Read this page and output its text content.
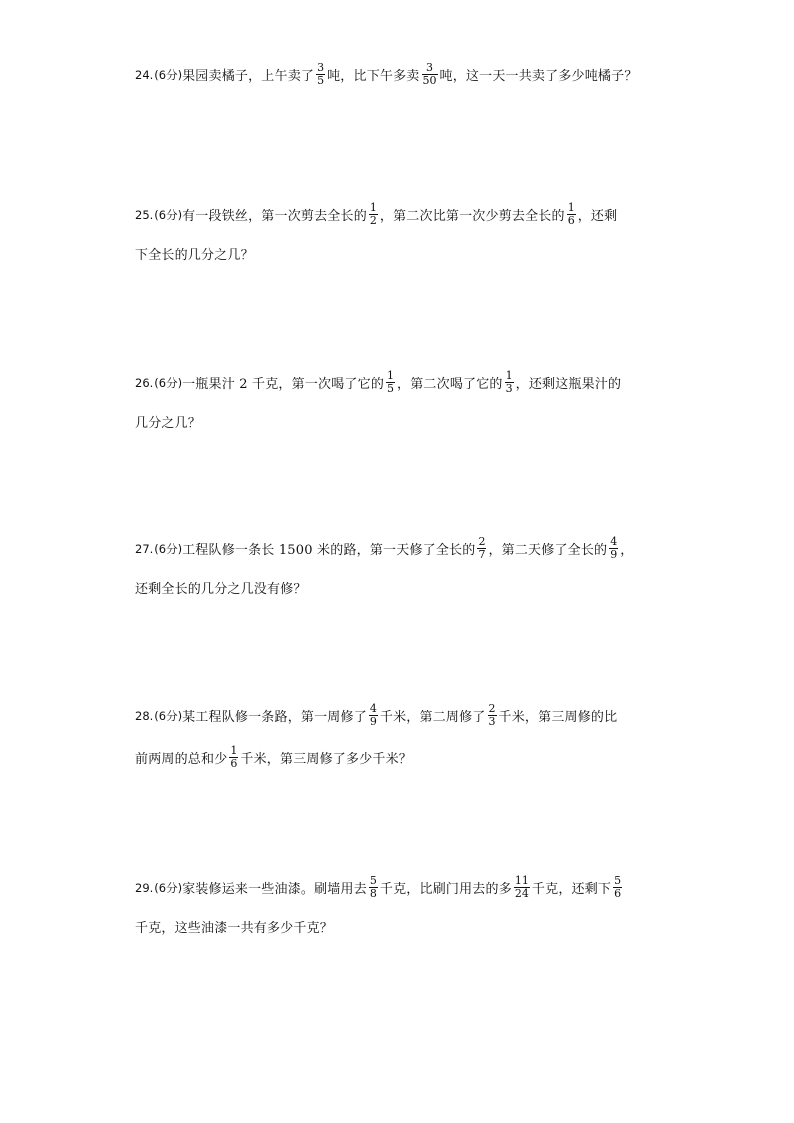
24. (6分) 果园卖橘子，上午卖了 $\frac{3}{5}$ 吨，比下午多卖 $\frac{3}{50}$ 吨，这一天一共卖了多少吨橘子？
25. (6分) 有一段铁丝，第一次剪去全长的 $\frac{1}{2}$ ，第二次比第一次少剪去全长的 $\frac{1}{6}$ ，还剩
下全长的几分之几？
26. (6分) 一瓶果汁 2 千克，第一次喝了它的 $\frac{1}{5}$ ，第二次喝了它的 $\frac{1}{3}$ ，还剩这瓶果汁的
几分之几？
27. (6分) 工程队修一条长 1500 米的路，第一天修了全长的 $\frac{2}{7}$ ，第二天修了全长的 $\frac{4}{9}$ ，
还剩全长的几分之几没有修？
28. (6分) 某工程队修一条路，第一周修了 $\frac{4}{9}$ 千米，第二周修了 $\frac{2}{3}$ 千米，第三周修的比
前两周的总和少 $\frac{1}{6}$ 千米，第三周修了多少千米？
29. (6分) 家装修运来一些油漆。刷墙用去 $\frac{5}{8}$ 千克，比刷门用去的多 $\frac{11}{24}$ 千克，还剩下 $\frac{5}{6}$
千克，这些油漆一共有多少千克？
